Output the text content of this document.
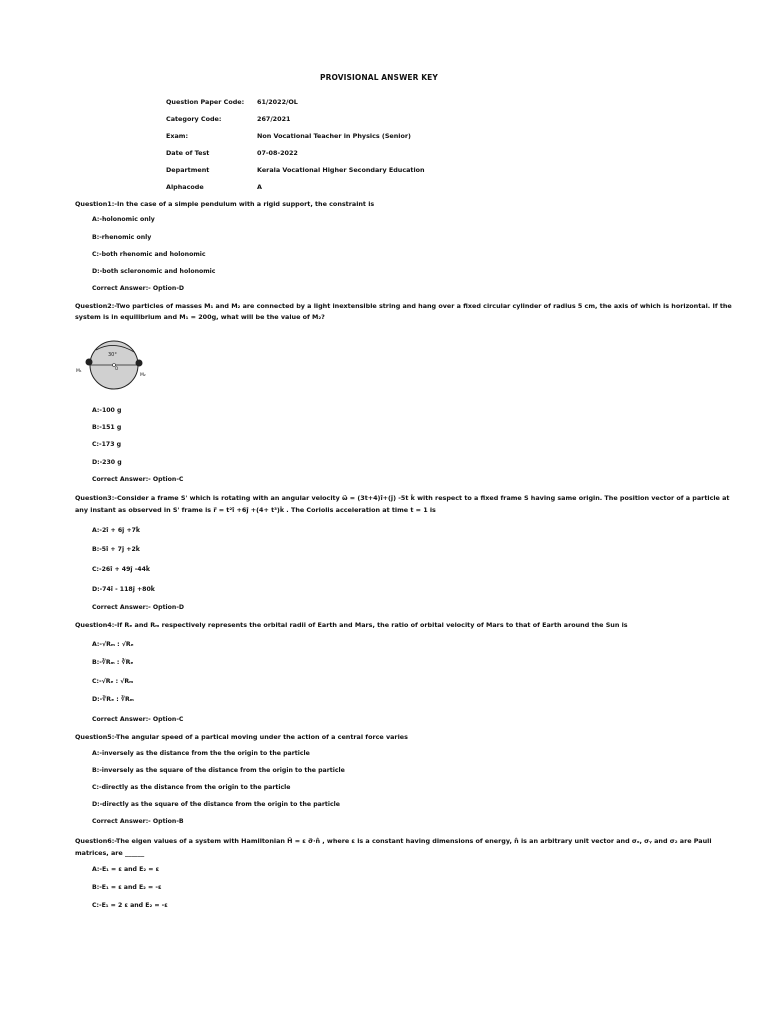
PROVISIONAL ANSWER KEY
Question Paper Code: 61/2022/OL
Category Code:	267/2021
Exam:	Non Vocational Teacher in Physics (Senior)
Date of Test	07-08-2022
Department	Kerala Vocational Higher Secondary Education
Alphacode	A
Question1:-In the case of a simple pendulum with a rigid support, the constraint is
A:-holonomic only
B:-rhenomic only
C:-both rhenomic and holonomic
D:-both scleronomic and holonomic
Correct Answer:- Option-D
Question2:-Two particles of masses M₁ and M₂ are connected by a light inextensible string and hang over a fixed circular cylinder of radius 5 cm, the axis of which is horizontal. If the
system is in equilibrium and M₁ = 200g, what will be the value of M₂?
30°
O
M₁
M₂
A:-100 g
B:-151 g
C:-173 g
D:-230 g
Correct Answer:- Option-C
Question3:-Consider a frame S' which is rotating with an angular velocity ω⃗ = (3t+4)î+(ĵ) -5t k̂ with respect to a fixed frame S having same origin. The position vector of a particle at
any instant as observed in S' frame is r⃗ = t²î +6ĵ +(4+ t³)k̂ . The Coriolis acceleration at time t = 1 is
A:-2î + 6ĵ +7k̂
B:-5î + 7ĵ +2k̂
C:-26î + 49ĵ -44k̂
D:-74î - 118ĵ +80k̂
Correct Answer:- Option-D
Question4:-If Rₑ and Rₘ respectively represents the orbital radii of Earth and Mars, the ratio of orbital velocity of Mars to that of Earth around the Sun is
A:-√Rₘ : √Rₑ
B:-∛Rₘ : ∛Rₑ
C:-√Rₑ : √Rₘ
D:-∛Rₑ : ∛Rₘ
Correct Answer:- Option-C
Question5:-The angular speed of a partical moving under the action of a central force varies
A:-inversely as the distance from the the origin to the particle
B:-inversely as the square of the distance from the origin to the particle
C:-directly as the distance from the origin to the particle
D:-directly as the square of the distance from the origin to the particle
Correct Answer:- Option-B
Question6:-The eigen values of a system with Hamiltonian Ĥ = ε σ⃗·n̂ , where ε is a constant having dimensions of energy, n̂ is an arbitrary unit vector and σₓ, σᵧ and σ₂ are Pauli
matrices, are ______
A:-E₁ = ε and E₂ = ε
B:-E₁ = ε and E₂ = -ε
C:-E₁ = 2 ε and E₂ = -ε
